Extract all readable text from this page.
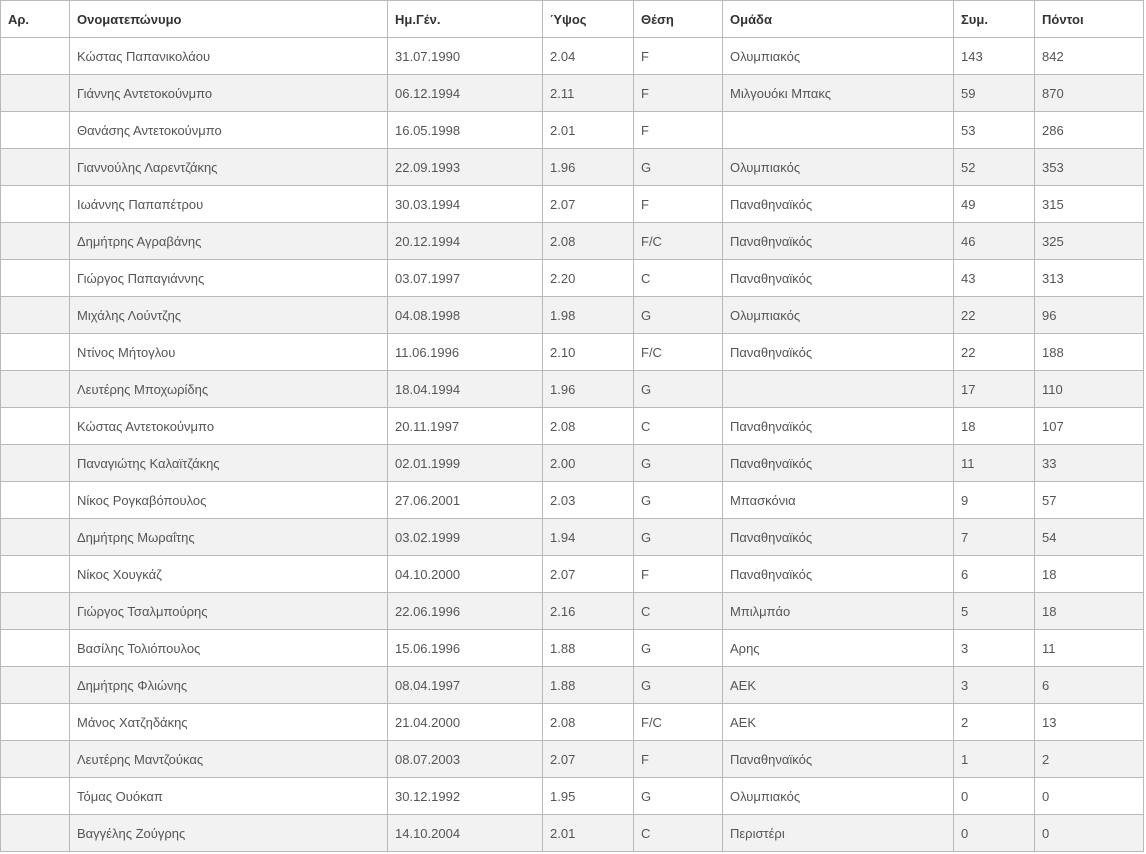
Αρ.	Ονοματεπώνυμο	Ημ.Γέν.	Ύψος	Θέση	Ομάδα	Συμ.	Πόντοι
	Κώστας Παπανικολάου	31.07.1990	2.04	F	Ολυμπιακός	143	842
	Γιάννης Αντετοκούνμπο	06.12.1994	2.11	F	Μιλγουόκι Μπακς	59	870
	Θανάσης Αντετοκούνμπο	16.05.1998	2.01	F		53	286
	Γιαννούλης Λαρεντζάκης	22.09.1993	1.96	G	Ολυμπιακός	52	353
	Ιωάννης Παπαπέτρου	30.03.1994	2.07	F	Παναθηναϊκός	49	315
	Δημήτρης Αγραβάνης	20.12.1994	2.08	F/C	Παναθηναϊκός	46	325
	Γιώργος Παπαγιάννης	03.07.1997	2.20	C	Παναθηναϊκός	43	313
	Μιχάλης Λούντζης	04.08.1998	1.98	G	Ολυμπιακός	22	96
	Ντίνος Μήτογλου	11.06.1996	2.10	F/C	Παναθηναϊκός	22	188
	Λευτέρης Μποχωρίδης	18.04.1994	1.96	G		17	110
	Κώστας Αντετοκούνμπο	20.11.1997	2.08	C	Παναθηναϊκός	18	107
	Παναγιώτης Καλαϊτζάκης	02.01.1999	2.00	G	Παναθηναϊκός	11	33
	Νίκος Ρογκαβόπουλος	27.06.2001	2.03	G	Μπασκόνια	9	57
	Δημήτρης Μωραΐτης	03.02.1999	1.94	G	Παναθηναϊκός	7	54
	Νίκος Χουγκάζ	04.10.2000	2.07	F	Παναθηναϊκός	6	18
	Γιώργος Τσαλμπούρης	22.06.1996	2.16	C	Μπιλμπάο	5	18
	Βασίλης Τολιόπουλος	15.06.1996	1.88	G	Αρης	3	11
	Δημήτρης Φλιώνης	08.04.1997	1.88	G	ΑΕΚ	3	6
	Μάνος Χατζηδάκης	21.04.2000	2.08	F/C	ΑΕΚ	2	13
	Λευτέρης Μαντζούκας	08.07.2003	2.07	F	Παναθηναϊκός	1	2
	Τόμας Ουόκαπ	30.12.1992	1.95	G	Ολυμπιακός	0	0
	Βαγγέλης Ζούγρης	14.10.2004	2.01	C	Περιστέρι	0	0
